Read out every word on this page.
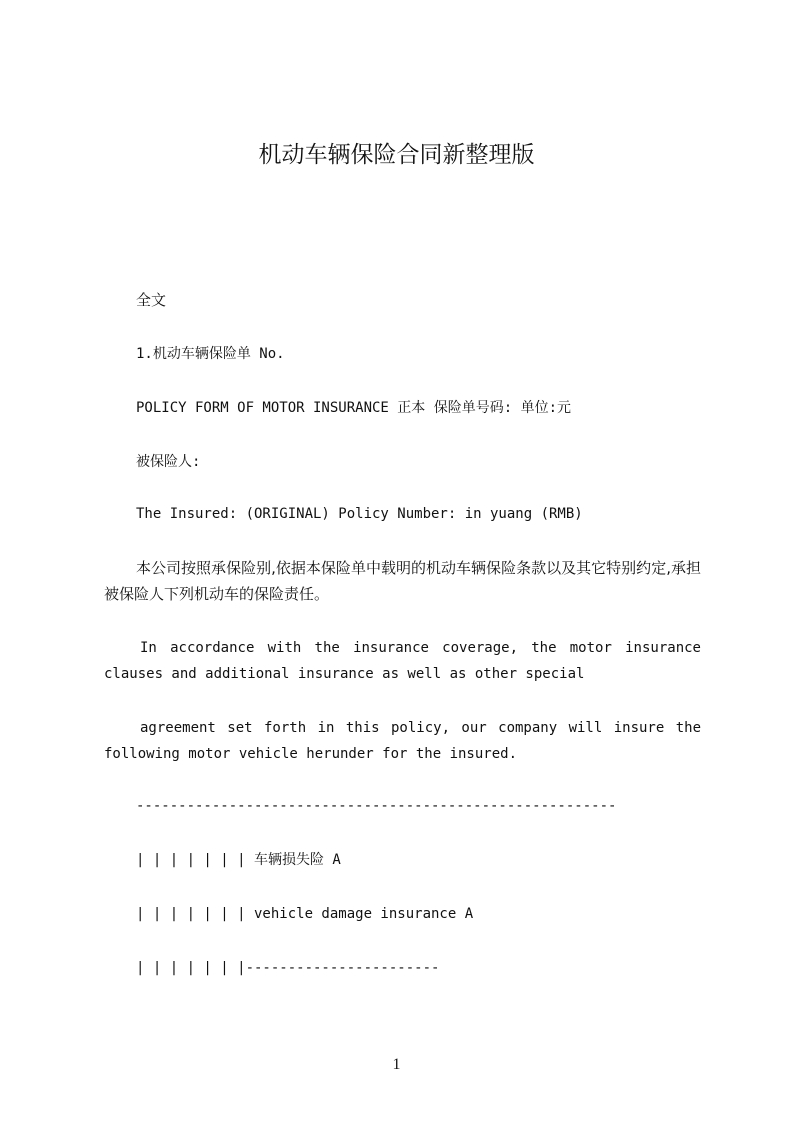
机动车辆保险合同新整理版
全文
1.机动车辆保险单 No.
POLICY FORM OF MOTOR INSURANCE 正本 保险单号码: 单位:元
被保险人:
The Insured: (ORIGINAL) Policy Number: in yuang (RMB)
本公司按照承保险别,依据本保险单中载明的机动车辆保险条款以及其它特别约定,承担被保险人下列机动车的保险责任。
In accordance with the insurance coverage, the motor insurance clauses and additional insurance as well as other special
agreement set forth in this policy, our company will insure the following motor vehicle herunder for the insured.
---------------------------------------------------------
| | | | | | | 车辆损失险 A
| | | | | | | vehicle damage insurance A
| | | | | | |-----------------------
1
